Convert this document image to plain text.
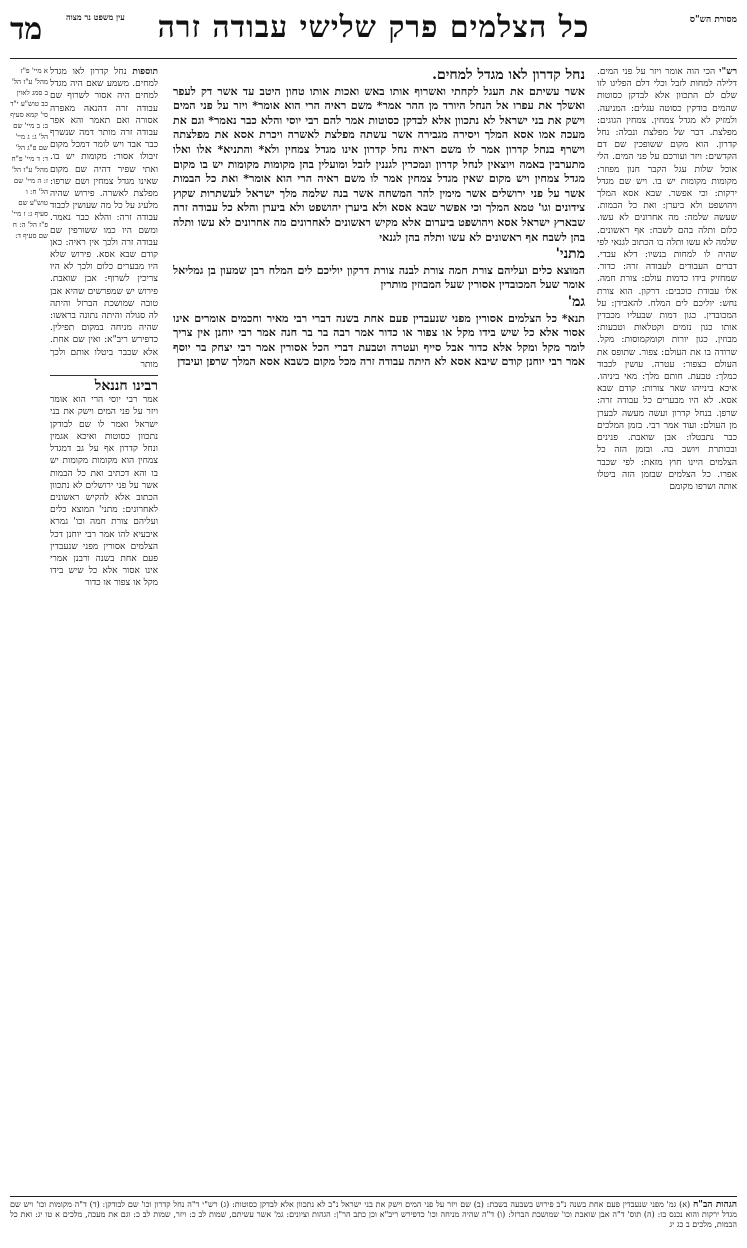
מסורת הש"ס
כל הצלמים פרק שלישי עבודה זרה
עין משפט נר מצוה
מד
רש"י הכי הוה אומר ויזר על פני המים. דלילה למחות לזבל וכלי דלם הפליגו לזו שלם לם התכוון אלא לבדקן כסוטות שהמים בודקין כסוטה עגלים: המניעה. ולמזיק לא מגדל צמחין. צמחין הגוגים: מפלצת. דבר של מפלצת ונבלה: נחל קדרון. הוא מקום ששופכין שם דם הקדשים: ויזר ועורכם על פני המים. הלי אוכל שלות עגל הקבר חנון מפוזר: מקומות מקומות יש בו. ויש שם מגדל ירקות: וכי אפשר. שבא אסא המלך ויהושפט ולא ביערן: ואת כל הבמות. שעשה שלמה: מה אחרונים לא עשו. כלום ותלה בהם לשבח: אף ראשונים. שלמה לא עשו ותלה בו הכתוב לגנאי לפי שהיה לו למחות בנשיו: דלא עבדי. דברים העבודים לעבודה זרה: כדור. שמחזיק בידו כדמות עולם: צורת חמה. אלו עבודת כוכבים: דרקון. הוא צורת נחש: יוליכם לים המלח. להאבידן: על המכובדין. כגון דמות שבעליו מכבדין אותו כגון נזמים וקטלאות וטבעות: מבוזין. כגון יורות וקומקמוסות: מקל. שרודה בו את העולם: צפור. שתופס את העולם כצפור: עטרה. עושין לכבוד כמלך: טבעת. חותם מלך: מאי ביניהו. איכא בינייהו שאר צורות: קודם שבא אסא. לא היו מבערים כל עבודה זרה: שרפן. בנחל קדרון ועשה מעשה לבערן מן העולם: ועוד אמר רבי. בזמן המלכים כבר נתבטלו: אבן שואבת. פנינים ובכותרת ויושב בה. ובזמן הזה כל הצלמים היינו חוץ מזאת: לפי שכבר אפרו. כל הצלמים שבזמן הזה ביטלו אותה ושרפו מקומם
נחל קדרון לאו מגדל למחים.
אשר עשיתם את העגל לקחתי ואשרוף אותו באש ואכות אותו טחון היטב עד אשר דק לעפר ואשלך את עפרו אל הנחל היורד מן ההר אמר* משם ראיה הרי הוא אומר* ויזר על פני המים וישק את בני ישראל לא נתכוון אלא לבדקן כסוטות אמר להם רבי יוסי והלא כבר נאמר* וגם את מעכה אמו אסא המלך ויסירה מגבירה אשר עשתה מפלצת לאשרה ויכרת אסא את מפלצתה וישרף בנחל קדרון אמר לו משם ראיה נחל קדרון אינו מגדל צמחין ולא* והתניא* אלו ואלו מתערבין באמה ויוצאין לנחל קדרון ונמכרין לגננין לזבל ומועלין בהן מקומות מקומות יש בו מקום מגדל צמחין ויש מקום שאין מגדל צמחין אמר לו משם ראיה הרי הוא אומר* ואת כל הבמות אשר על פני ירושלים אשר מימין להר המשחה אשר בנה שלמה מלך ישראל לעשתרות שקוץ צידונים וגו' טמא המלך וכי אפשר שבא אסא ולא ביערן יהושפט ולא ביערן והלא כל עבודה זרה שבארץ ישראל אסא ויהושפט ביערום אלא מקיש ראשונים לאחרונים מה אחרונים לא עשו ותלה בהן לשבח אף ראשונים לא עשו ותלה בהן לגנאי
מתני'
המוצא כלים ועליהם צורת חמה צורת לבנה צורת דרקון יוליכם לים המלח רבן שמעון בן גמליאל אומר שעל המכובדין אסורין שעל המבוזין מותרין
גמ'
תנא* כל הצלמים אסורין מפני שנעבדין פעם אחת בשנה דברי רבי מאיר וחכמים אומרים אינו אסור אלא כל שיש בידו מקל או צפור או כדור אמר רבה בר בר חנה אמר רבי יוחנן אין צריך לומר מקל ומקל אלא כדור אבל סייף ועטרה וטבעת דברי הכל אסורין אמר רבי יצחק בר יוסף אמר רבי יוחנן קודם שיבא אסא לא היתה עבודה זרה מכל מקום כשבא אסא המלך שרפן ועיבדן
תוספות נחל קדרון לאו מגדל למחים. משמע שאם היה מגדל למחים היה אסור לשרוף שם עבודה זרה דהנאה מאפרה אסורה ואם תאמר והא אפר עבודה זרה מותר דמה שנשרף כבר אבד ויש לומר דמכל מקום זיבולו אסור: מקומות יש בו. ואתי שפיר דהיה שם מקום שאינו מגדל צמחין ושם שרפו: מפלצת לאשרה. פירוש שהיה מלעיג על כל מה שעושין לכבוד עבודה זרה: והלא כבר נאמר. ומשם היו כמו ששורפין שם עבודה זרה ולכך אין ראיה: כאן קודם שבא אסא. פירוש שלא היו מבערים כלום ולכך לא היו צריכין לשרוף: אבן שואבת. פירוש יש שמפרשים שהיא אבן טובה שמושכת הברזל והיתה לה סגולה והיתה נתונה בראשו: שהיה מניחה במקום תפילין. כדפירש ריב"א: ואין שם אחת. אלא שכבר ביטלו אותם ולכך מותר
רבינו חננאל
אמר רבי יוסי הרי הוא אומר ויזר על פני המים וישק את בני ישראל ואמר לו שם לבודקן נתכוון כסוטות ואיכא אגמין ונחל קדרון אף על גב דמגדל צמחין הוא מקומות מקומות יש בו והא דכתיב ואת כל הבמות אשר על פני ירושלים לא נתכוון הכתוב אלא להקיש ראשונים לאחרונים: מתני' המוצא כלים ועליהם צורת חמה וכו' גמרא איבעיא להו אמר רבי יוחנן דכל הצלמים אסורין מפני שנעבדין פעם אחת בשנה ורבנן אמרי אינו אסור אלא כל שיש בידו מקל או צפור או כדור
א מיי' פ"ז מהל' ע"ז הל' ב סמג לאוין כב טוש"ע י"ד סי' קמא סעיף ב: ב מיי' שם הל' ג: ג מיי' שם פ"ג הל' ד: ד מיי' פ"ח מהל' ע"ז הל' ז: ה מיי' שם הל' ח: ו טוש"ע שם סעיף ג: ז מיי' פ"ז הל' ה: ח שם סעיף ד:
הגהות הב"ח (א) גמ' מפני שנעבדין פעם אחת בשנה נ"ב פירוש בשבעה בשבת: (ב) שם ויזר על פני המים וישק את בני ישראל נ"ב לא נתכוון אלא לבדקן כסוטות: (ג) רש"י ד"ה נחל קדרון וכו' שם לבודקן: (ד) ד"ה מקומות וכו' ויש שם מגדל ירקות והוא נכנס בו: (ה) תוס' ד"ה אבן שואבת וכו' שמושכת הברזל: (ו) ד"ה שהיה מניחה וכו' כדפירש ריב"א וכן כתב הר"ן: הגהות וציונים: גמ' אשר עשיתם, שמות לב כ: ויזר, שמות לב כ: וגם את מעכה, מלכים א טו יג: ואת כל הבמות, מלכים ב כג יג
